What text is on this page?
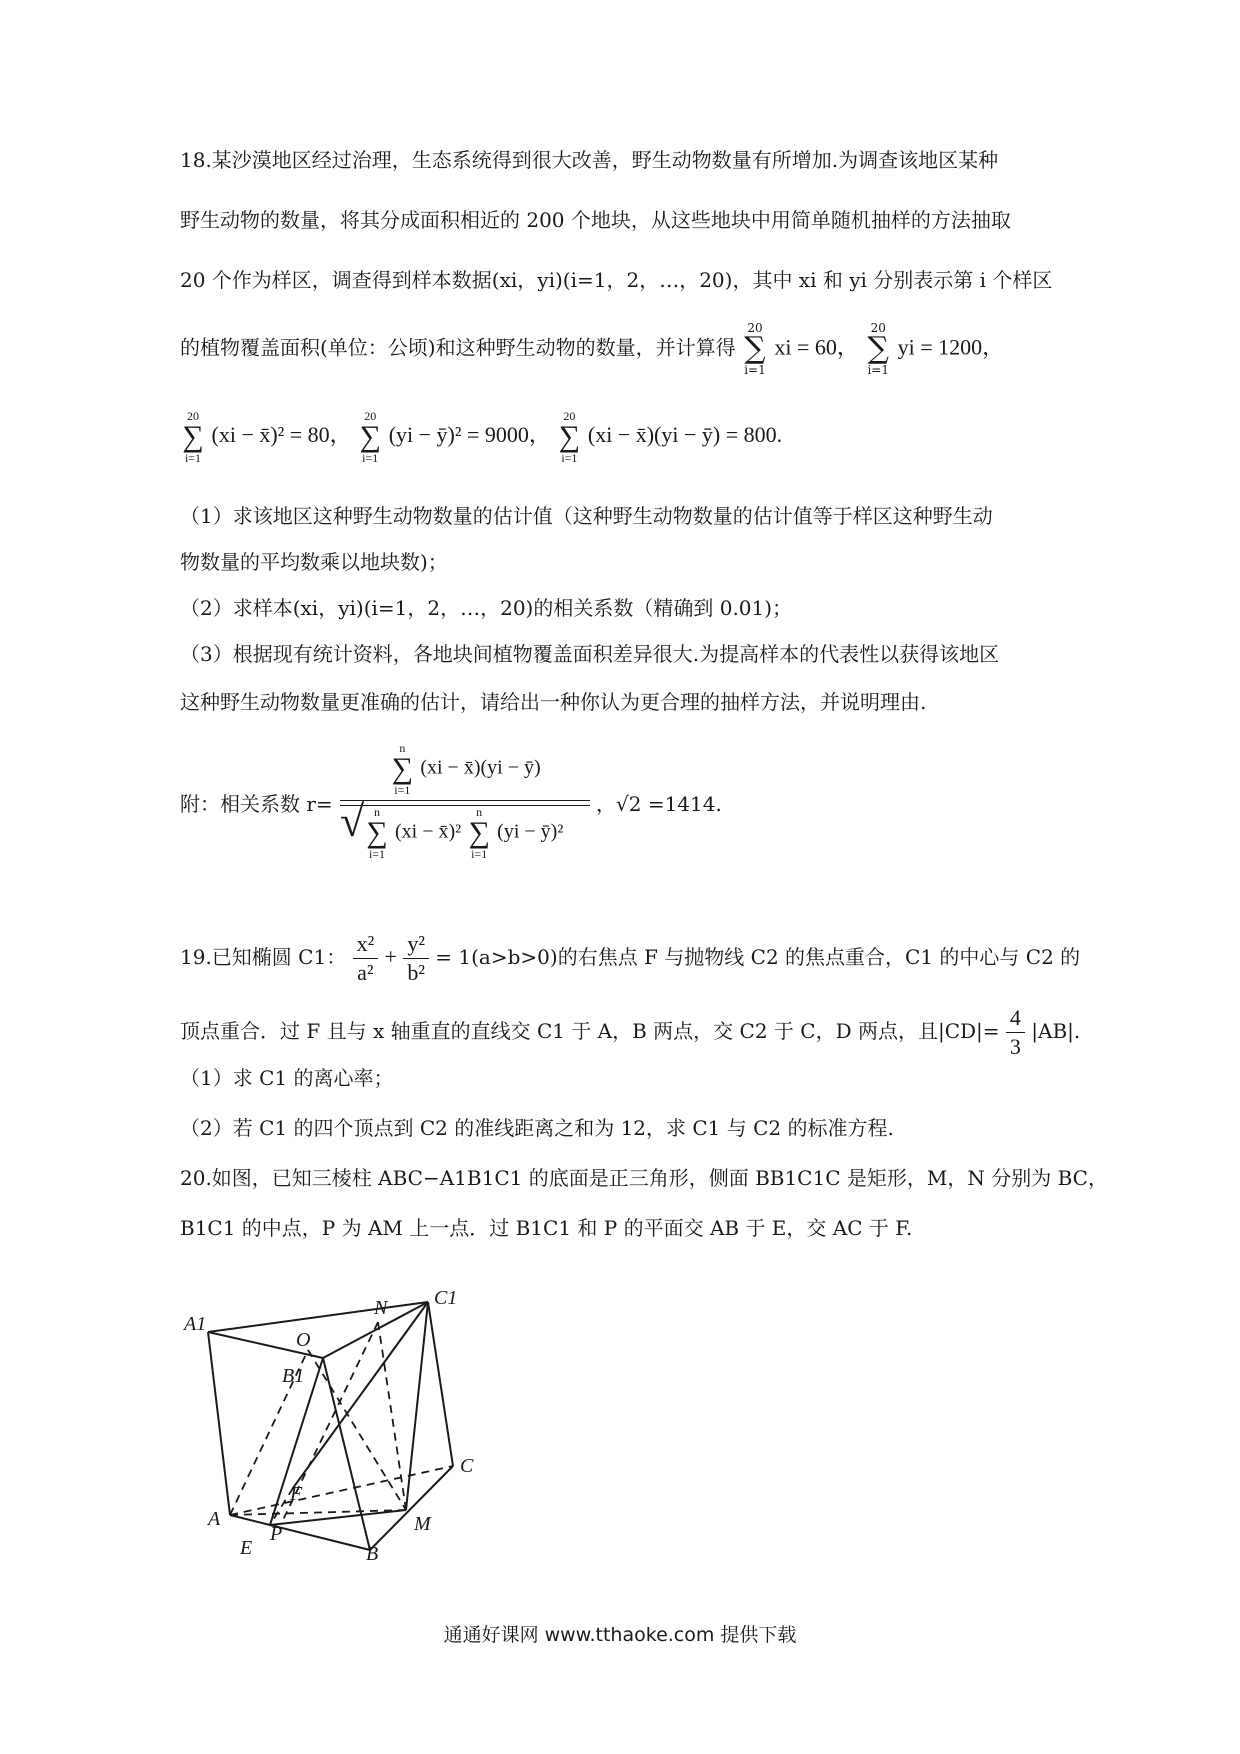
18.某沙漠地区经过治理，生态系统得到很大改善，野生动物数量有所增加.为调查该地区某种
野生动物的数量，将其分成面积相近的 200 个地块，从这些地块中用简单随机抽样的方法抽取
20 个作为样区，调查得到样本数据(xi，yi)(i=1，2，…，20)，其中 xi 和 yi 分别表示第 i 个样区
的植物覆盖面积(单位：公顷)和这种野生动物的数量，并计算得
20
∑
i=1
xi = 60，
20
∑
i=1
yi = 1200，
20
∑
i=1
(xi − x̄)² = 80，
20
∑
i=1
(yi − ȳ)² = 9000，
20
∑
i=1
(xi − x̄)(yi − ȳ) = 800.
（1）求该地区这种野生动物数量的估计值（这种野生动物数量的估计值等于样区这种野生动
物数量的平均数乘以地块数)；
（2）求样本(xi，yi)(i=1，2，…，20)的相关系数（精确到 0.01)；
（3）根据现有统计资料，各地块间植物覆盖面积差异很大.为提高样本的代表性以获得该地区
这种野生动物数量更准确的估计，请给出一种你认为更合理的抽样方法，并说明理由.
附：相关系数 r= n
∑
i=1
(xi − x̄)(yi − ȳ)
√ n
∑
i=1
(xi − x̄)²
n
∑
i=1
(yi − ȳ)² ，√2 =1414.
19.已知椭圆 C1： $\frac{\text{x²}}{\text{a²}} + \frac{\text{y²}}{\text{b²}} = 1(a>b>0)$的右焦点 F 与抛物线 C2 的焦点重合，C1 的中心与 C2 的
顶点重合．过 F 且与 x 轴重直的直线交 C1 于 A，B 两点，交 C2 于 C，D 两点，且$|CD|= \frac{4}{3} |AB|$.
（1）求 C1 的离心率；
（2）若 C1 的四个顶点到 C2 的准线距离之和为 12，求 C1 与 C2 的标准方程.
20.如图，已知三棱柱 ABC−A1B1C1 的底面是正三角形，侧面 BB1C1C 是矩形，M，N 分别为 BC，
B1C1 的中点，P 为 AM 上一点．过 B1C1 和 P 的平面交 AB 于 E，交 AC 于 F.
A1
C1
N
O
B1
C
F
A
P	M
E	B
通通好课网 www.tthaoke.com 提供下载
